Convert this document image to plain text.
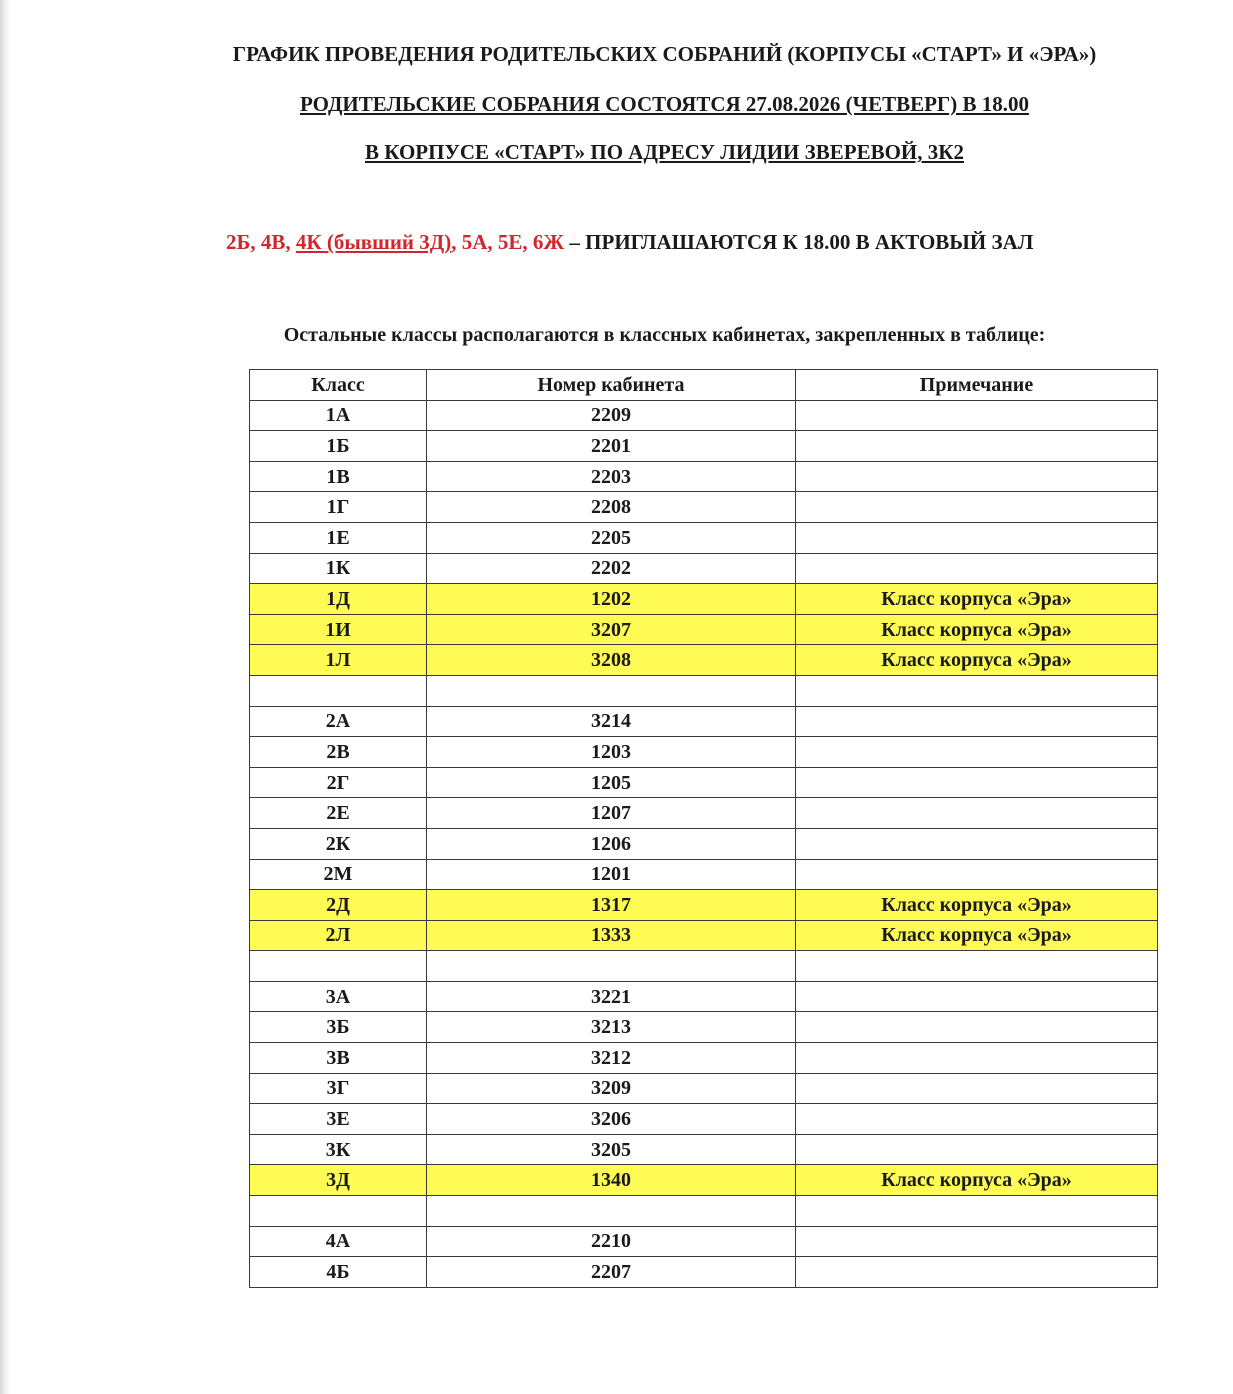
ГРАФИК ПРОВЕДЕНИЯ РОДИТЕЛЬСКИХ СОБРАНИЙ (КОРПУСЫ «СТАРТ» И «ЭРА»)
РОДИТЕЛЬСКИЕ СОБРАНИЯ СОСТОЯТСЯ 27.08.2026 (ЧЕТВЕРГ) В 18.00
В КОРПУСЕ «СТАРТ» ПО АДРЕСУ ЛИДИИ ЗВЕРЕВОЙ, 3К2
2Б, 4В, 4К (бывший 3Д), 5А, 5Е, 6Ж – ПРИГЛАШАЮТСЯ К 18.00 В АКТОВЫЙ ЗАЛ
Остальные классы располагаются в классных кабинетах, закрепленных в таблице:
Класс	Номер кабинета	Примечание
1А	2209	
1Б	2201	
1В	2203	
1Г	2208	
1Е	2205	
1К	2202	
1Д	1202	Класс корпуса «Эра»
1И	3207	Класс корпуса «Эра»
1Л	3208	Класс корпуса «Эра»

2А	3214	
2В	1203	
2Г	1205	
2Е	1207	
2К	1206	
2М	1201	
2Д	1317	Класс корпуса «Эра»
2Л	1333	Класс корпуса «Эра»

3А	3221	
3Б	3213	
3В	3212	
3Г	3209	
3Е	3206	
3К	3205	
3Д	1340	Класс корпуса «Эра»

4А	2210	
4Б	2207	
